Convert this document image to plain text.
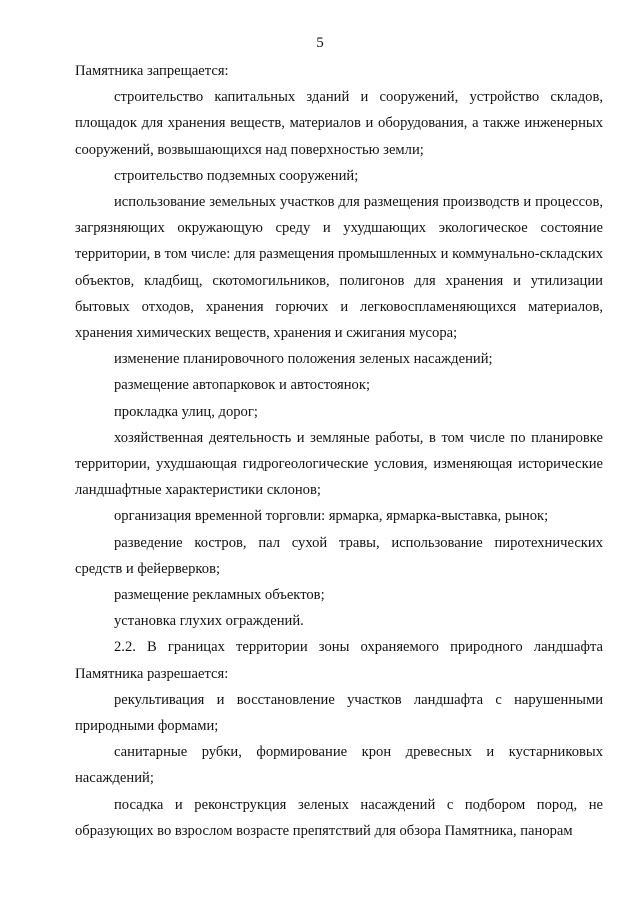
5

Памятника запрещается:

строительство капитальных зданий и сооружений, устройство складов, площадок для хранения веществ, материалов и оборудования, а также инженерных сооружений, возвышающихся над поверхностью земли;

строительство подземных сооружений;

использование земельных участков для размещения производств и процессов, загрязняющих окружающую среду и ухудшающих экологическое состояние территории, в том числе: для размещения промышленных и коммунально-складских объектов, кладбищ, скотомогильников, полигонов для хранения и утилизации бытовых отходов, хранения горючих и легковоспламеняющихся материалов, хранения химических веществ, хранения и сжигания мусора;

изменение планировочного положения зеленых насаждений;

размещение автопарковок и автостоянок;

прокладка улиц, дорог;

хозяйственная деятельность и земляные работы, в том числе по планировке территории, ухудшающая гидрогеологические условия, изменяющая исторические ландшафтные характеристики склонов;

организация временной торговли: ярмарка, ярмарка-выставка, рынок;

разведение костров, пал сухой травы, использование пиротехнических средств и фейерверков;

размещение рекламных объектов;

установка глухих ограждений.

2.2. В границах территории зоны охраняемого природного ландшафта Памятника разрешается:

рекультивация и восстановление участков ландшафта с нарушенными природными формами;

санитарные рубки, формирование крон древесных и кустарниковых насаждений;

посадка и реконструкция зеленых насаждений с подбором пород, не образующих во взрослом возрасте препятствий для обзора Памятника, панорам
